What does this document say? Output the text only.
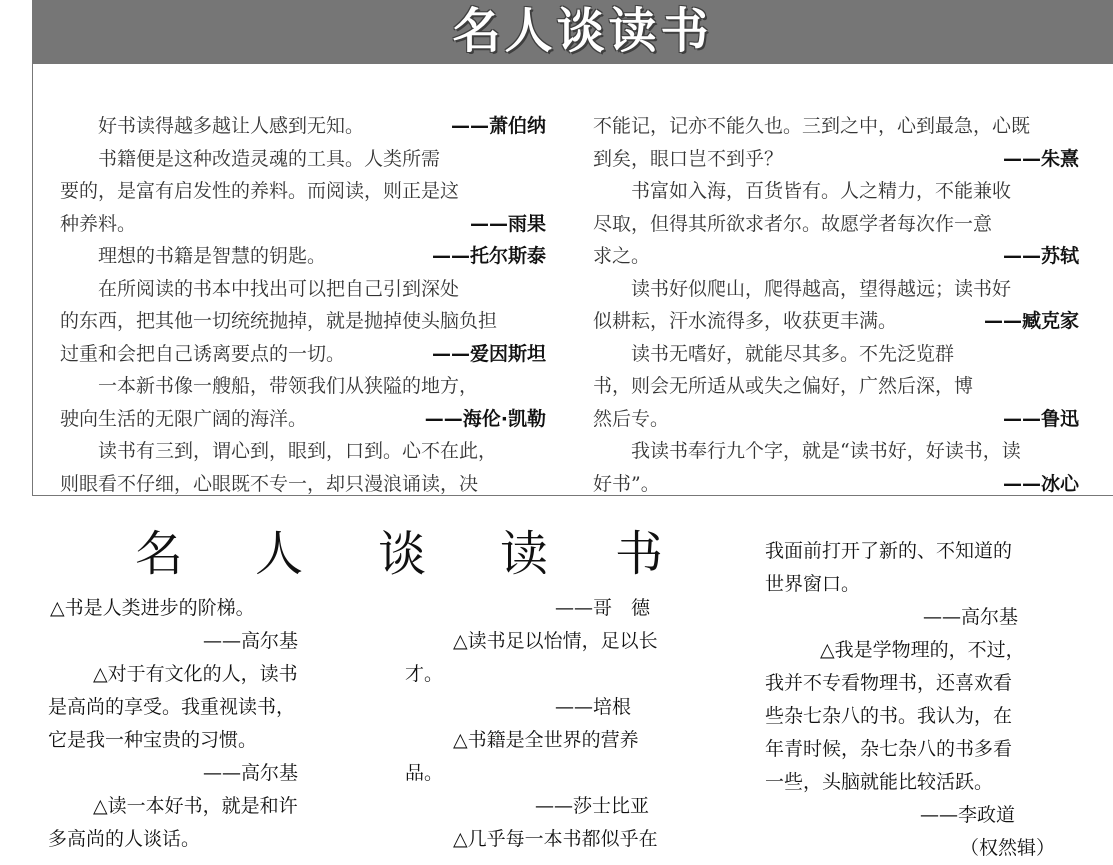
名人谈读书
好书读得越多越让人感到无知。	——萧伯纳
书籍便是这种改造灵魂的工具。人类所需
要的，是富有启发性的养料。而阅读，则正是这
种养料。	——雨果
理想的书籍是智慧的钥匙。	——托尔斯泰
在所阅读的书本中找出可以把自己引到深处
的东西，把其他一切统统抛掉，就是抛掉使头脑负担
过重和会把自己诱离要点的一切。	——爱因斯坦
一本新书像一艘船，带领我们从狭隘的地方，
驶向生活的无限广阔的海洋。	——海伦·凯勒
读书有三到，谓心到，眼到，口到。心不在此，
则眼看不仔细，心眼既不专一，却只漫浪诵读，决
不能记，记亦不能久也。三到之中，心到最急，心既
到矣，眼口岂不到乎？	——朱熹
书富如入海，百货皆有。人之精力，不能兼收
尽取，但得其所欲求者尔。故愿学者每次作一意
求之。	——苏轼
读书好似爬山，爬得越高，望得越远；读书好
似耕耘，汗水流得多，收获更丰满。	——臧克家
读书无嗜好，就能尽其多。不先泛览群
书，则会无所适从或失之偏好，广然后深，博
然后专。	——鲁迅
我读书奉行九个字，就是“读书好，好读书，读
好书”。	——冰心
名 人 谈 读 书
△书是人类进步的阶梯。
——高尔基
△对于有文化的人，读书
是高尚的享受。我重视读书，
它是我一种宝贵的习惯。
——高尔基
△读一本好书，就是和许
多高尚的人谈话。
——哥　德
△读书足以怡情，足以长
才。
——培根
△书籍是全世界的营养
品。
——莎士比亚
△几乎每一本书都似乎在
我面前打开了新的、不知道的
世界窗口。
——高尔基
△我是学物理的，不过，
我并不专看物理书，还喜欢看
些杂七杂八的书。我认为，在
年青时候，杂七杂八的书多看
一些，头脑就能比较活跃。
——李政道
（权然辑）
